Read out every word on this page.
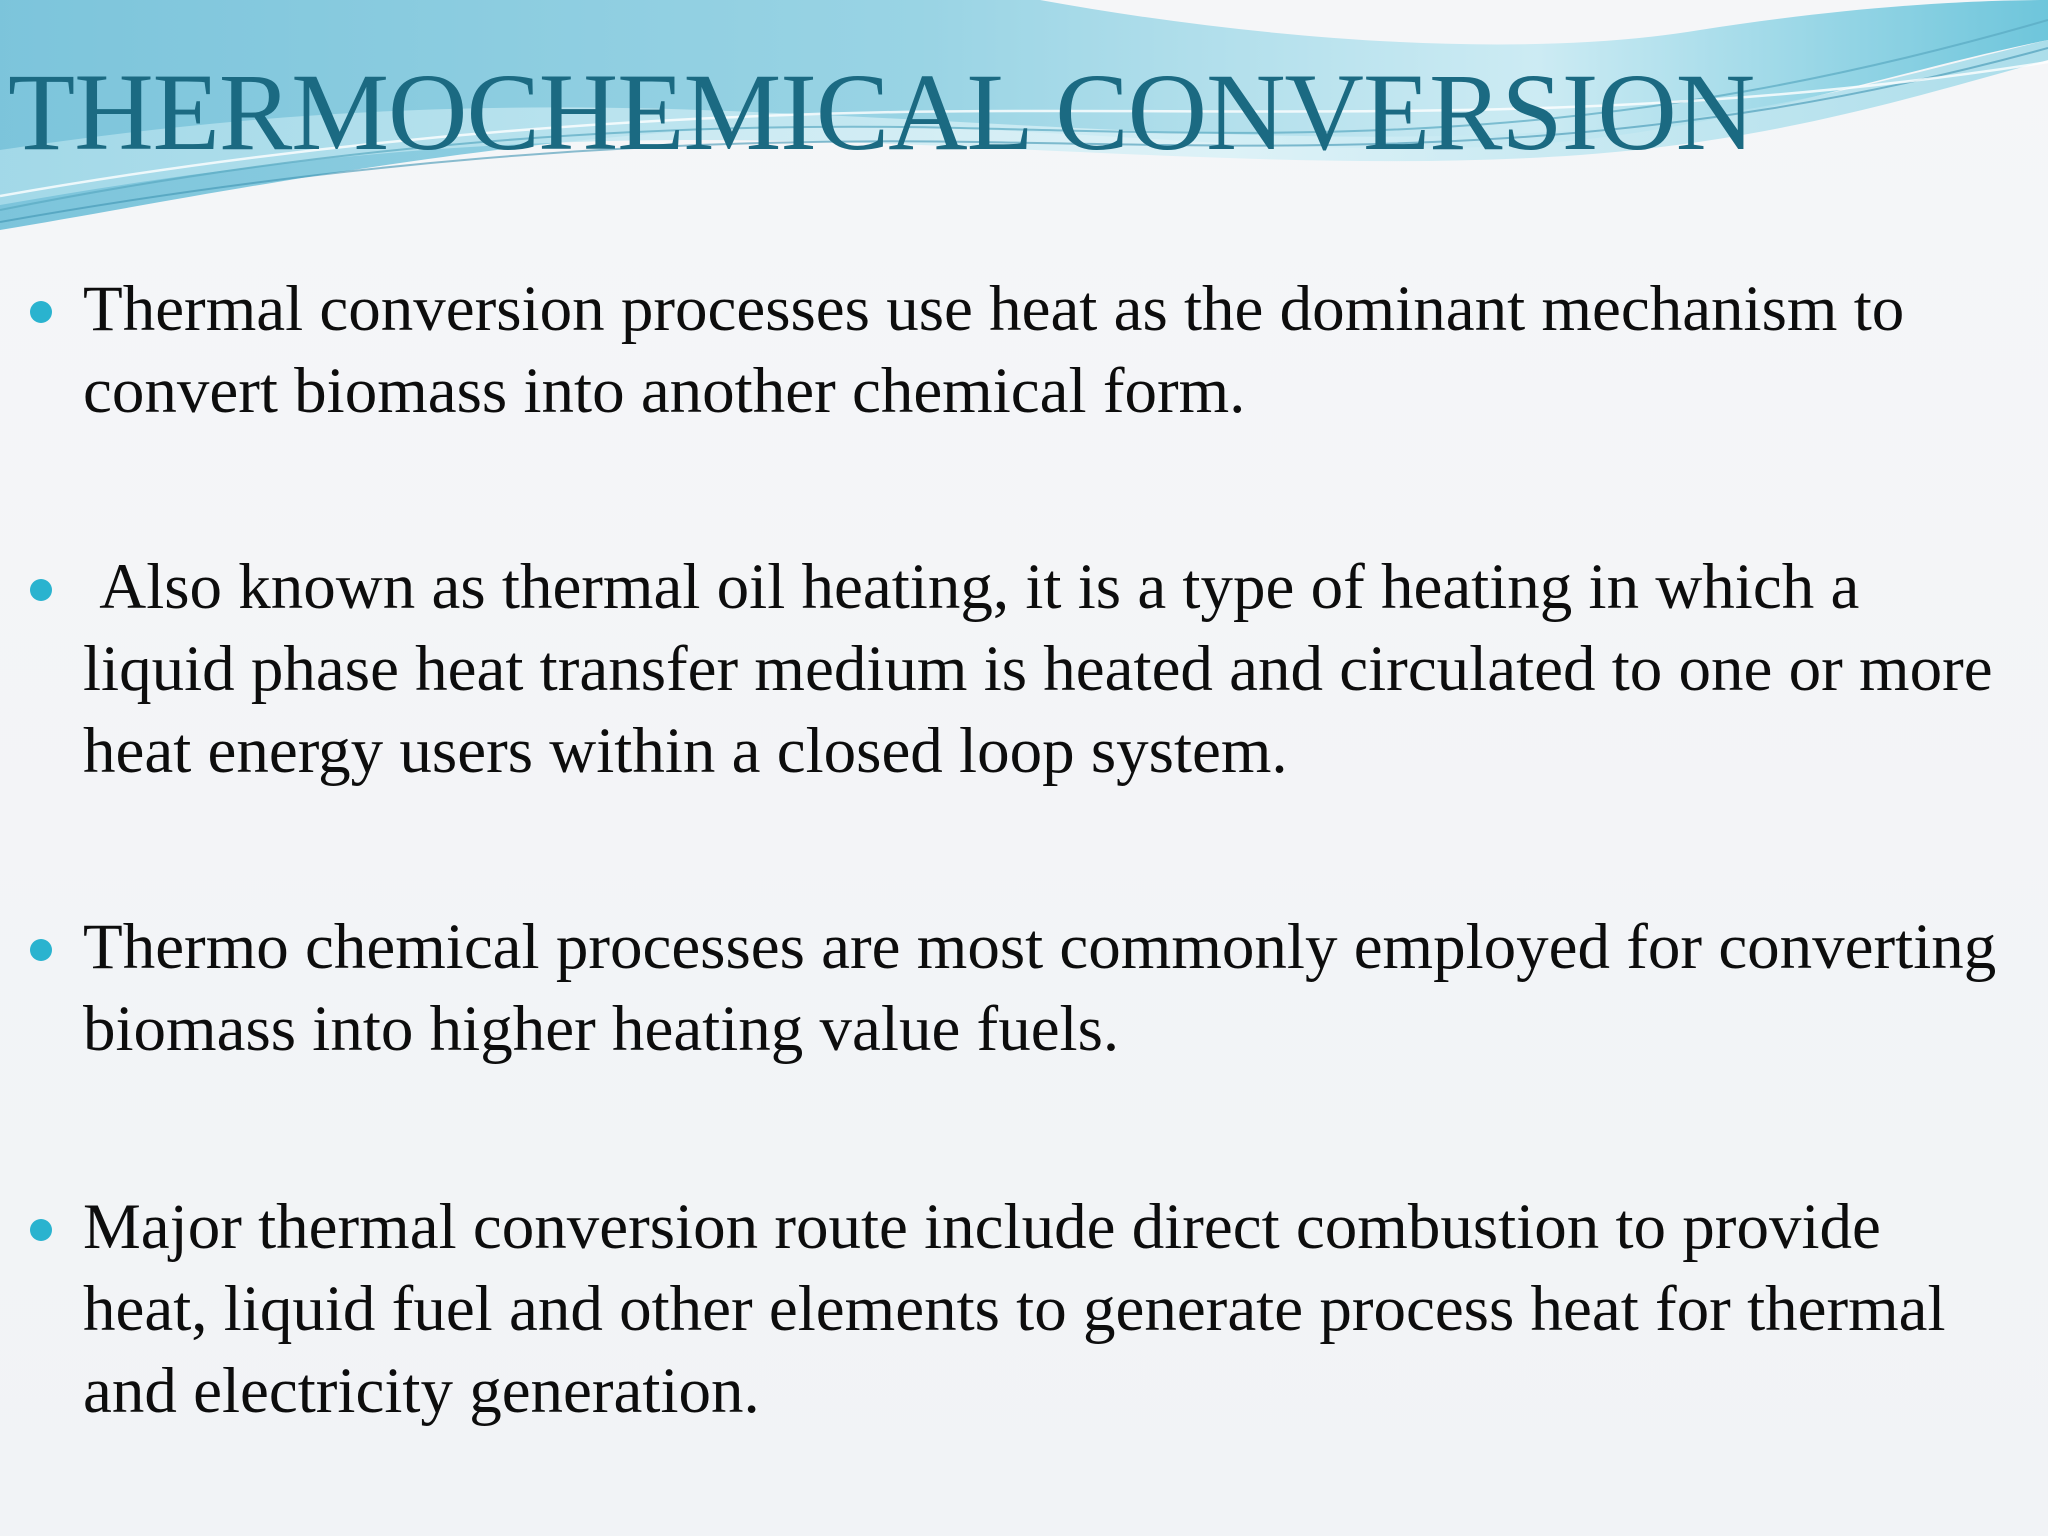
THERMOCHEMICAL CONVERSION

Thermal conversion processes use heat as the dominant mechanism to convert biomass into another chemical form.

Also known as thermal oil heating, it is a type of heating in which a liquid phase heat transfer medium is heated and circulated to one or more heat energy users within a closed loop system.

Thermo chemical processes are most commonly employed for converting biomass into higher heating value fuels.

Major thermal conversion route include direct combustion to provide heat, liquid fuel and other elements to generate process heat for thermal and electricity generation.
